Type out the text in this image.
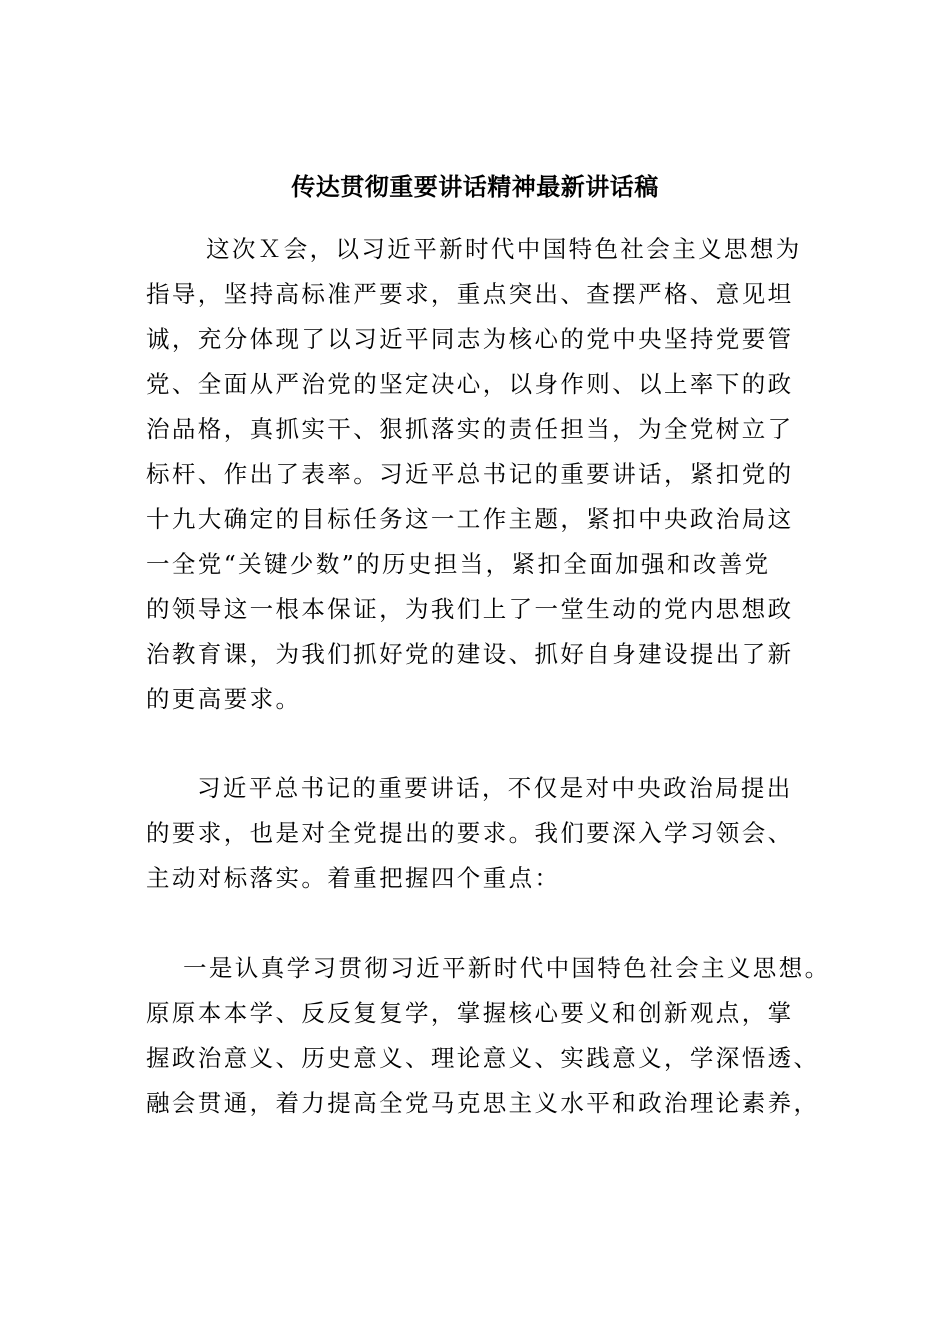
传达贯彻重要讲话精神最新讲话稿
这次Ｘ会，以习近平新时代中国特色社会主义思想为
指导，坚持高标准严要求，重点突出、查摆严格、意见坦
诚，充分体现了以习近平同志为核心的党中央坚持党要管
党、全面从严治党的坚定决心，以身作则、以上率下的政
治品格，真抓实干、狠抓落实的责任担当，为全党树立了
标杆、作出了表率。习近平总书记的重要讲话，紧扣党的
十九大确定的目标任务这一工作主题，紧扣中央政治局这
一全党“关键少数”的历史担当，紧扣全面加强和改善党
的领导这一根本保证，为我们上了一堂生动的党内思想政
治教育课，为我们抓好党的建设、抓好自身建设提出了新
的更高要求。
习近平总书记的重要讲话，不仅是对中央政治局提出
的要求，也是对全党提出的要求。我们要深入学习领会、
主动对标落实。着重把握四个重点：
一是认真学习贯彻习近平新时代中国特色社会主义思想。
原原本本学、反反复复学，掌握核心要义和创新观点，掌
握政治意义、历史意义、理论意义、实践意义，学深悟透、
融会贯通，着力提高全党马克思主义水平和政治理论素养，
